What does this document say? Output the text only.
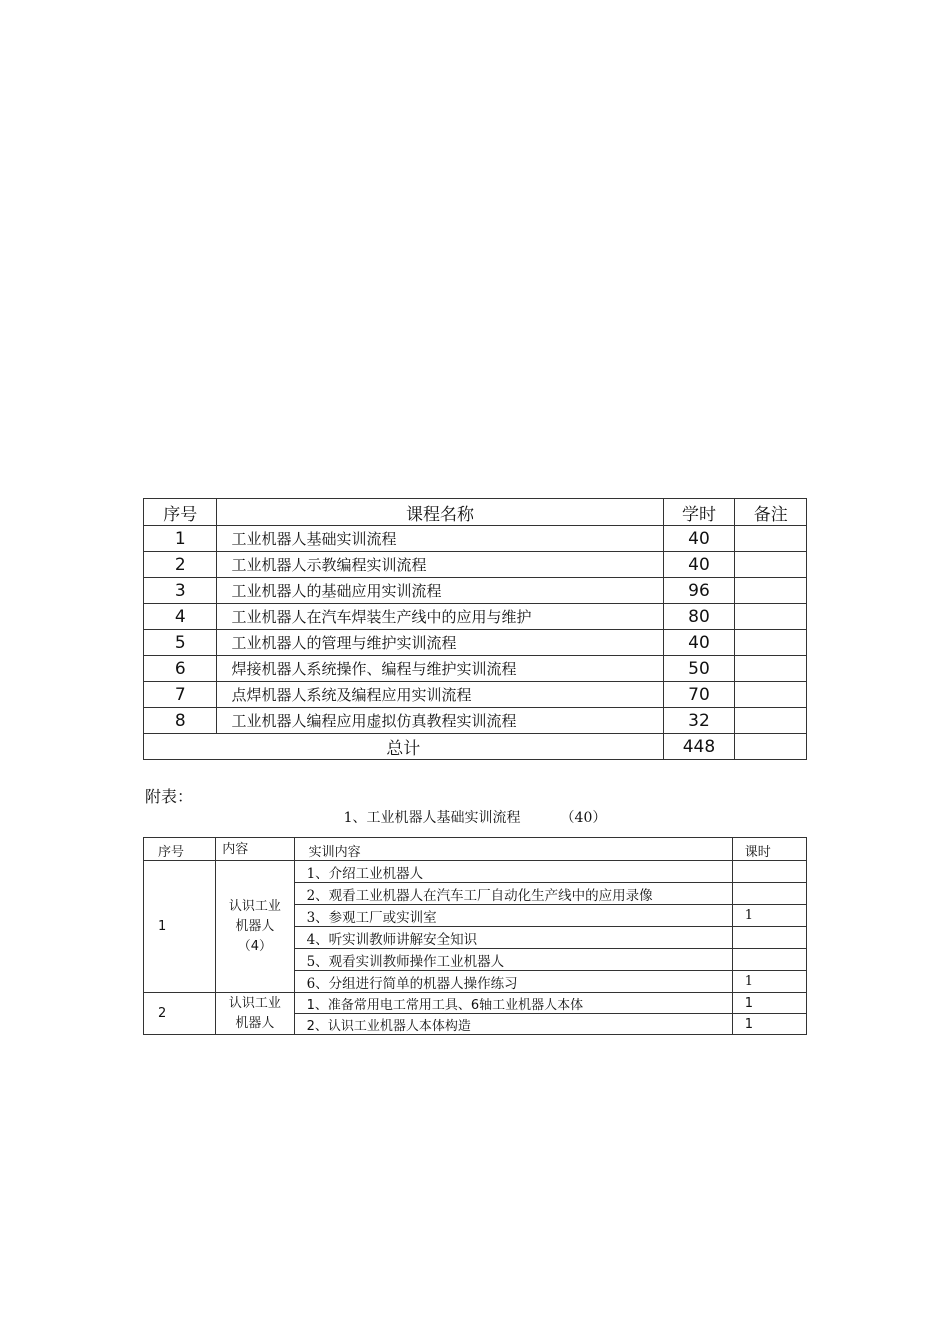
序号	课程名称	学时	备注
1	工业机器人基础实训流程	40	
2	工业机器人示教编程实训流程	40	
3	工业机器人的基础应用实训流程	96	
4	工业机器人在汽车焊装生产线中的应用与维护	80	
5	工业机器人的管理与维护实训流程	40	
6	焊接机器人系统操作、编程与维护实训流程	50	
7	点焊机器人系统及编程应用实训流程	70	
8	工业机器人编程应用虚拟仿真教程实训流程	32	
总计		448	
附表：
1、工业机器人基础实训流程	（40）
序号	内容	实训内容	课时
1	认识工业
机器人
（4）	1、介绍工业机器人	
		2、观看工业机器人在汽车工厂自动化生产线中的应用录像	
		3、参观工厂或实训室	1
		4、听实训教师讲解安全知识	
		5、观看实训教师操作工业机器人	
		6、分组进行简单的机器人操作练习	1
2	认识工业
机器人	1、准备常用电工常用工具、6轴工业机器人本体	1
		2、认识工业机器人本体构造	1
